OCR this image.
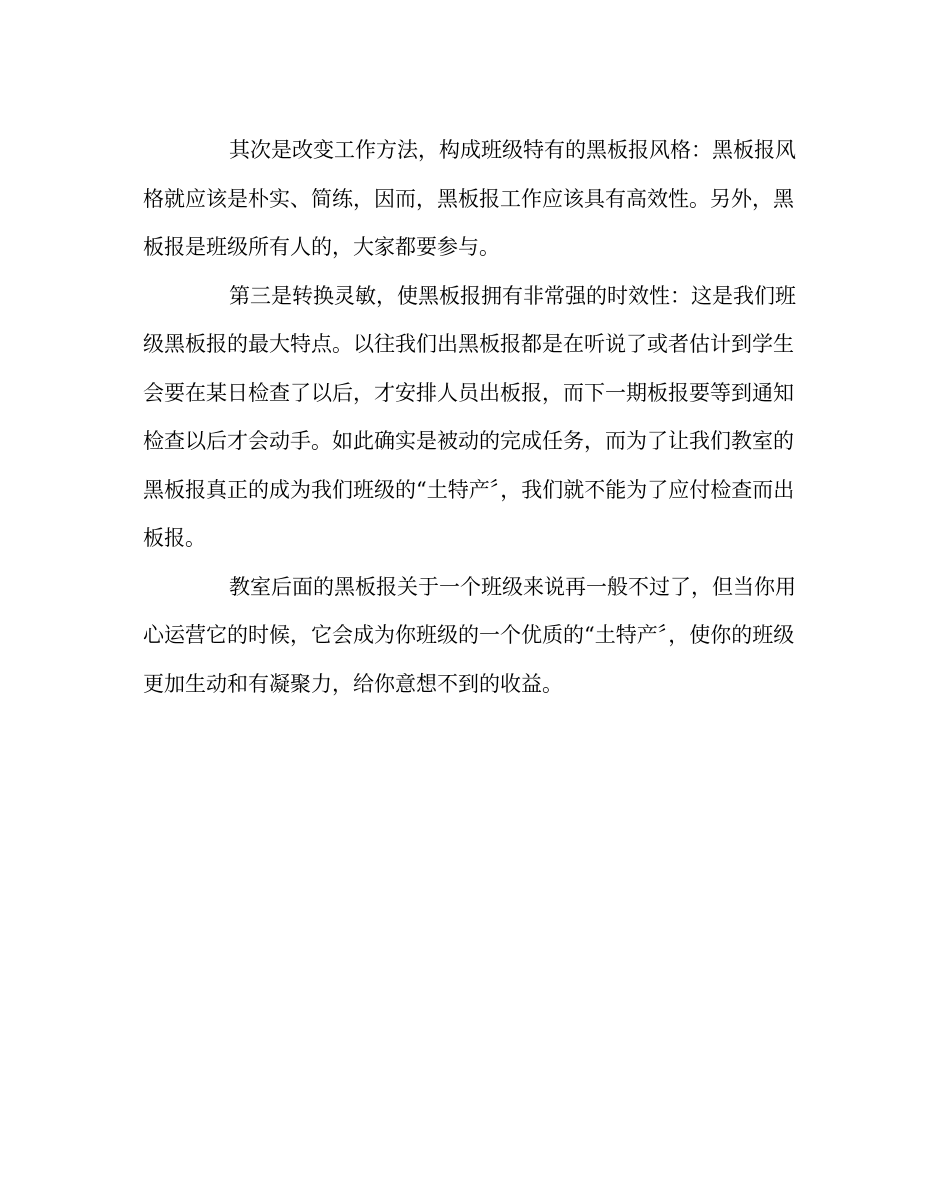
其次是改变工作方法，构成班级特有的黑板报风格：黑板报风格就应该是朴实、简练，因而，黑板报工作应该具有高效性。另外，黑板报是班级所有人的，大家都要参与。

第三是转换灵敏，使黑板报拥有非常强的时效性：这是我们班级黑板报的最大特点。以往我们出黑板报都是在听说了或者估计到学生会要在某日检查了以后，才安排人员出板报，而下一期板报要等到通知检查以后才会动手。如此确实是被动的完成任务，而为了让我们教室的黑板报真正的成为我们班级的“土特产〞，我们就不能为了应付检查而出板报。

教室后面的黑板报关于一个班级来说再一般不过了，但当你用心运营它的时候，它会成为你班级的一个优质的“土特产〞，使你的班级更加生动和有凝聚力，给你意想不到的收益。
